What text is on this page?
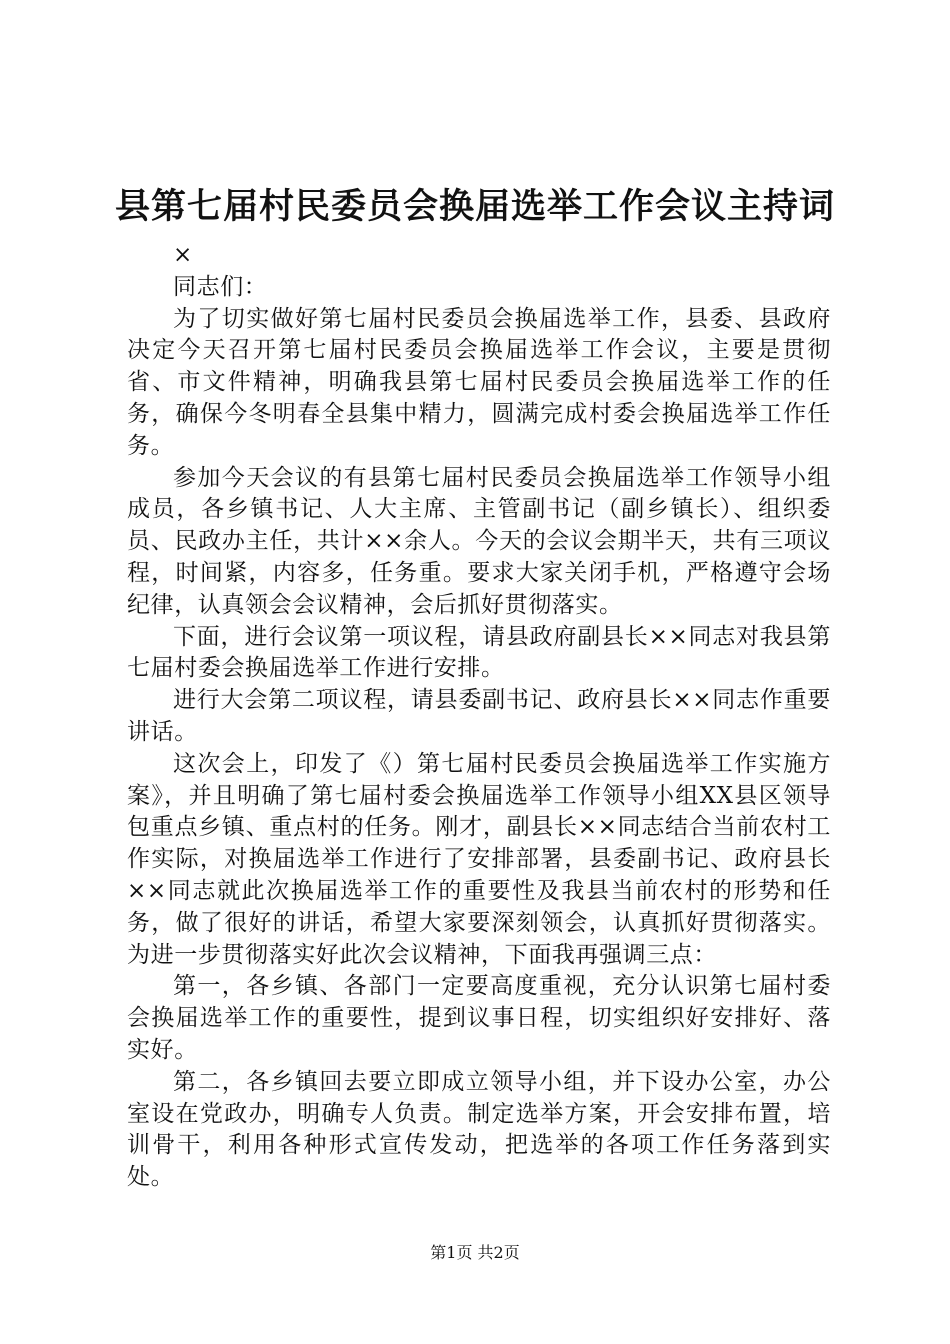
县第七届村民委员会换届选举工作会议主持词

×

同志们：

为了切实做好第七届村民委员会换届选举工作，县委、县政府决定今天召开第七届村民委员会换届选举工作会议，主要是贯彻省、市文件精神，明确我县第七届村民委员会换届选举工作的任务，确保今冬明春全县集中精力，圆满完成村委会换届选举工作任务。

参加今天会议的有县第七届村民委员会换届选举工作领导小组成员，各乡镇书记、人大主席、主管副书记（副乡镇长）、组织委员、民政办主任，共计××余人。今天的会议会期半天，共有三项议程，时间紧，内容多，任务重。要求大家关闭手机，严格遵守会场纪律，认真领会会议精神，会后抓好贯彻落实。

下面，进行会议第一项议程，请县政府副县长××同志对我县第七届村委会换届选举工作进行安排。

进行大会第二项议程，请县委副书记、政府县长××同志作重要讲话。

这次会上，印发了《）第七届村民委员会换届选举工作实施方案》，并且明确了第七届村委会换届选举工作领导小组XX县区领导包重点乡镇、重点村的任务。刚才，副县长××同志结合当前农村工作实际，对换届选举工作进行了安排部署，县委副书记、政府县长××同志就此次换届选举工作的重要性及我县当前农村的形势和任务，做了很好的讲话，希望大家要深刻领会，认真抓好贯彻落实。为进一步贯彻落实好此次会议精神，下面我再强调三点：

第一，各乡镇、各部门一定要高度重视，充分认识第七届村委会换届选举工作的重要性，提到议事日程，切实组织好安排好、落实好。

第二，各乡镇回去要立即成立领导小组，并下设办公室，办公室设在党政办，明确专人负责。制定选举方案，开会安排布置，培训骨干，利用各种形式宣传发动，把选举的各项工作任务落到实处。

第1页 共2页
